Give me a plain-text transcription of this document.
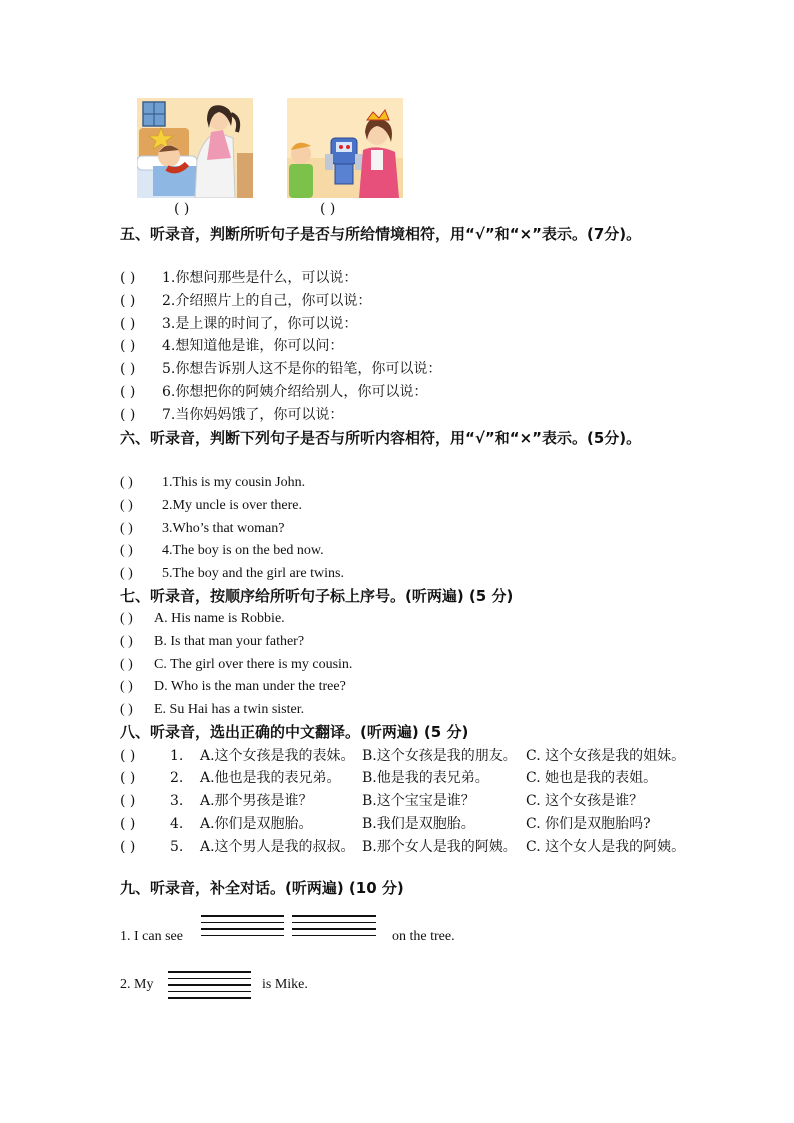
( )	( )
五、听录音，判断所听句子是否与所给情境相符，用“√”和“×”表示。(7分)。
( ) 1.你想问那些是什么，可以说：
( ) 2.介绍照片上的自己，你可以说：
( ) 3.是上课的时间了，你可以说：
( ) 4.想知道他是谁，你可以问：
( ) 5.你想告诉别人这不是你的铅笔，你可以说：
( ) 6.你想把你的阿姨介绍给别人，你可以说：
( ) 7.当你妈妈饿了，你可以说：
六、听录音，判断下列句子是否与所听内容相符，用“√”和“×”表示。(5分)。
( ) 1.This is my cousin John.
( ) 2.My uncle is over there.
( ) 3.Who’s that woman?
( ) 4.The boy is on the bed now.
( ) 5.The boy and the girl are twins.
七、听录音，按顺序给所听句子标上序号。(听两遍) (5 分)
( ) A. His name is Robbie.
( ) B. Is that man your father?
( ) C. The girl over there is my cousin.
( ) D. Who is the man under the tree?
( ) E. Su Hai has a twin sister.
八、听录音，选出正确的中文翻译。(听两遍) (5 分)
( ) 1. A.这个女孩是我的表妹。 B.这个女孩是我的朋友。 C. 这个女孩是我的姐妹。
( ) 2. A.他也是我的表兄弟。 B.他是我的表兄弟。	C. 她也是我的表姐。
( ) 3. A.那个男孩是谁？	B.这个宝宝是谁？	C. 这个女孩是谁？
( ) 4. A.你们是双胞胎。	B.我们是双胞胎。	C. 你们是双胞胎吗?
( ) 5. A.这个男人是我的叔叔。 B.那个女人是我的阿姨。 C. 这个女人是我的阿姨。
九、听录音，补全对话。(听两遍) (10 分)
1. I can see	on the tree.
2. My	is Mike.
